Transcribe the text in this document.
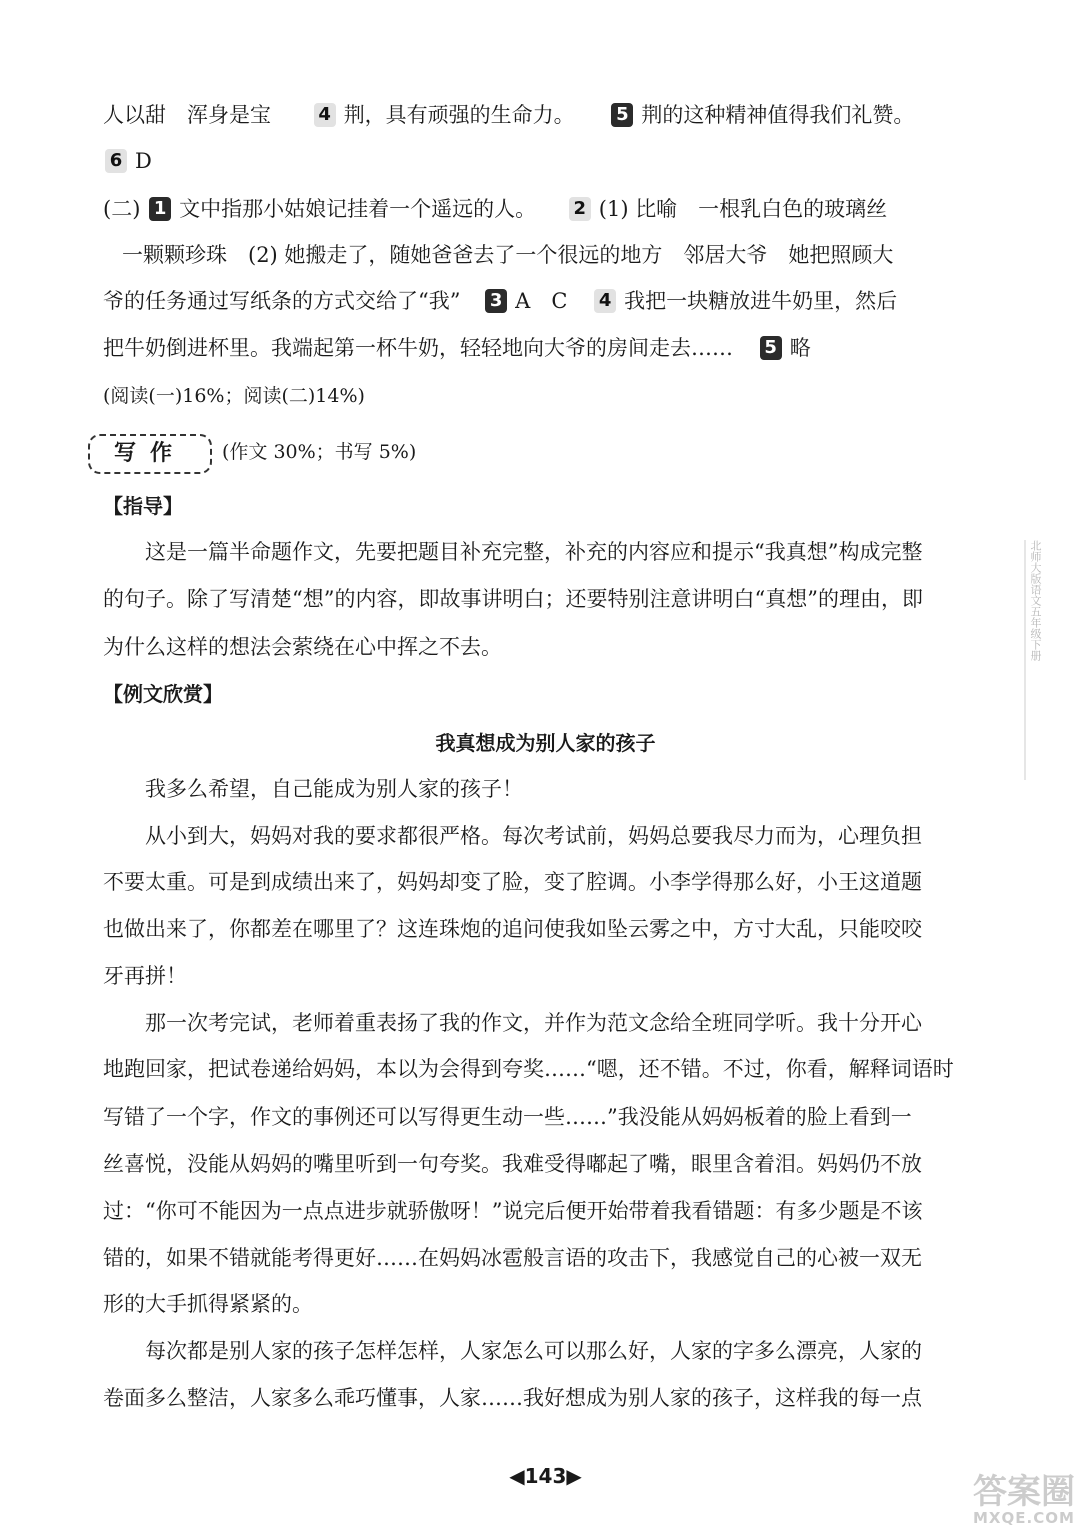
人以甜　浑身是宝	4 荆，具有顽强的生命力。 5 荆的这种精神值得我们礼赞。
6 D
(二) 1 文中指那小姑娘记挂着一个遥远的人。 2 (1) 比喻　一根乳白色的玻璃丝
一颗颗珍珠　(2) 她搬走了，随她爸爸去了一个很远的地方　邻居大爷　她把照顾大
爷的任务通过写纸条的方式交给了“我” 3 A　C 4 我把一块糖放进牛奶里，然后
把牛奶倒进杯里。我端起第一杯牛奶，轻轻地向大爷的房间走去…… 5 略
(阅读(一)16%；阅读(二)14%)
写作	(作文 30%；书写 5%)
【指导】
这是一篇半命题作文，先要把题目补充完整，补充的内容应和提示“我真想”构成完整
的句子。除了写清楚“想”的内容，即故事讲明白；还要特别注意讲明白“真想”的理由，即
为什么这样的想法会萦绕在心中挥之不去。
【例文欣赏】
我真想成为别人家的孩子
我多么希望，自己能成为别人家的孩子！
从小到大，妈妈对我的要求都很严格。每次考试前，妈妈总要我尽力而为，心理负担
不要太重。可是到成绩出来了，妈妈却变了脸，变了腔调。小李学得那么好，小王这道题
也做出来了，你都差在哪里了？这连珠炮的追问使我如坠云雾之中，方寸大乱，只能咬咬
牙再拼！
那一次考完试，老师着重表扬了我的作文，并作为范文念给全班同学听。我十分开心
地跑回家，把试卷递给妈妈，本以为会得到夸奖……“嗯，还不错。不过，你看，解释词语时
写错了一个字，作文的事例还可以写得更生动一些……”我没能从妈妈板着的脸上看到一
丝喜悦，没能从妈妈的嘴里听到一句夸奖。我难受得嘟起了嘴，眼里含着泪。妈妈仍不放
过：“你可不能因为一点点进步就骄傲呀！”说完后便开始带着我看错题：有多少题是不该
错的，如果不错就能考得更好……在妈妈冰雹般言语的攻击下，我感觉自己的心被一双无
形的大手抓得紧紧的。
每次都是别人家的孩子怎样怎样，人家怎么可以那么好，人家的字多么漂亮，人家的
卷面多么整洁，人家多么乖巧懂事，人家……我好想成为别人家的孩子，这样我的每一点
北师大版语文五年级下册
◀143▶	答案圈
MXQE.COM
